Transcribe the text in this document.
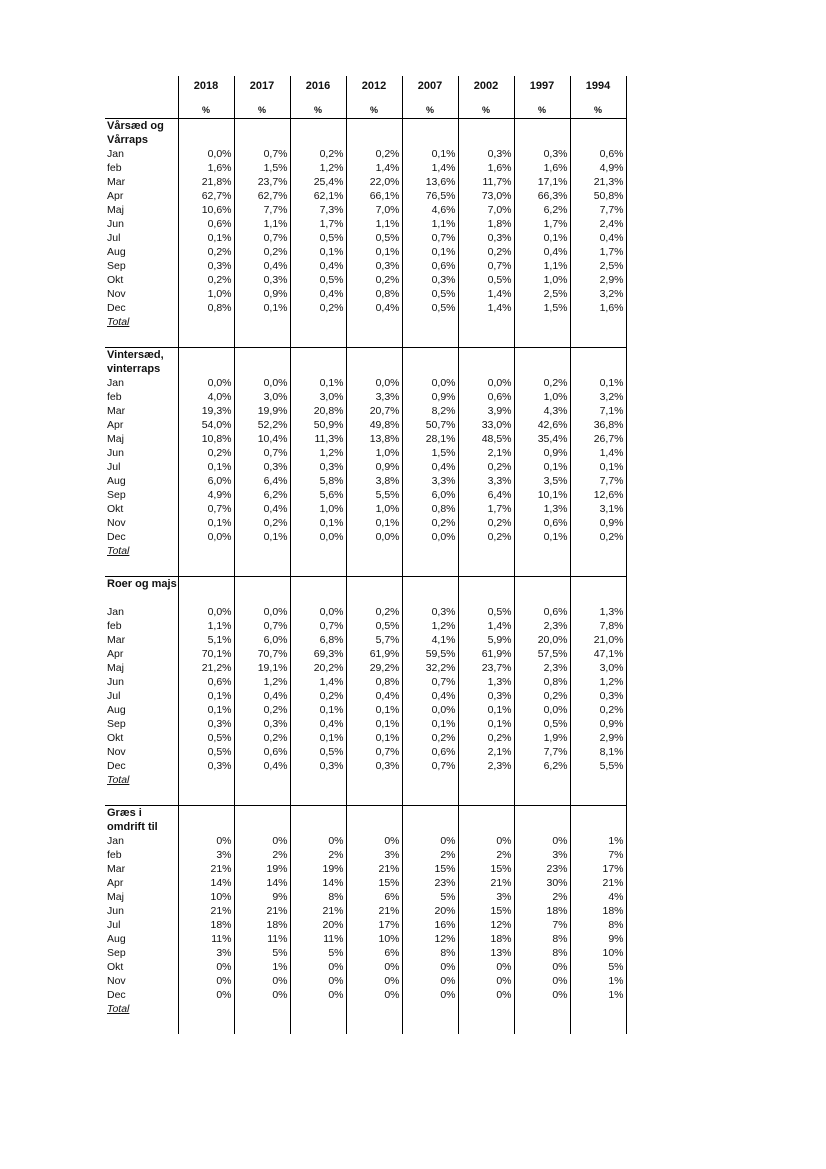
	2018	2017	2016	2012	2007	2002	1997	1994
	%	%	%	%	%	%	%	%
Vårsæd og								
Vårraps								
Jan	0,0%	0,7%	0,2%	0,2%	0,1%	0,3%	0,3%	0,6%
feb	1,6%	1,5%	1,2%	1,4%	1,4%	1,6%	1,6%	4,9%
Mar	21,8%	23,7%	25,4%	22,0%	13,6%	11,7%	17,1%	21,3%
Apr	62,7%	62,7%	62,1%	66,1%	76,5%	73,0%	66,3%	50,8%
Maj	10,6%	7,7%	7,3%	7,0%	4,6%	7,0%	6,2%	7,7%
Jun	0,6%	1,1%	1,7%	1,1%	1,1%	1,8%	1,7%	2,4%
Jul	0,1%	0,7%	0,5%	0,5%	0,7%	0,3%	0,1%	0,4%
Aug	0,2%	0,2%	0,1%	0,1%	0,1%	0,2%	0,4%	1,7%
Sep	0,3%	0,4%	0,4%	0,3%	0,6%	0,7%	1,1%	2,5%
Okt	0,2%	0,3%	0,5%	0,2%	0,3%	0,5%	1,0%	2,9%
Nov	1,0%	0,9%	0,4%	0,8%	0,5%	1,4%	2,5%	3,2%
Dec	0,8%	0,1%	0,2%	0,4%	0,5%	1,4%	1,5%	1,6%
Total								

Vintersæd,								
vinterraps								
Jan	0,0%	0,0%	0,1%	0,0%	0,0%	0,0%	0,2%	0,1%
feb	4,0%	3,0%	3,0%	3,3%	0,9%	0,6%	1,0%	3,2%
Mar	19,3%	19,9%	20,8%	20,7%	8,2%	3,9%	4,3%	7,1%
Apr	54,0%	52,2%	50,9%	49,8%	50,7%	33,0%	42,6%	36,8%
Maj	10,8%	10,4%	11,3%	13,8%	28,1%	48,5%	35,4%	26,7%
Jun	0,2%	0,7%	1,2%	1,0%	1,5%	2,1%	0,9%	1,4%
Jul	0,1%	0,3%	0,3%	0,9%	0,4%	0,2%	0,1%	0,1%
Aug	6,0%	6,4%	5,8%	3,8%	3,3%	3,3%	3,5%	7,7%
Sep	4,9%	6,2%	5,6%	5,5%	6,0%	6,4%	10,1%	12,6%
Okt	0,7%	0,4%	1,0%	1,0%	0,8%	1,7%	1,3%	3,1%
Nov	0,1%	0,2%	0,1%	0,1%	0,2%	0,2%	0,6%	0,9%
Dec	0,0%	0,1%	0,0%	0,0%	0,0%	0,2%	0,1%	0,2%
Total								

Roer og majs								

Jan	0,0%	0,0%	0,0%	0,2%	0,3%	0,5%	0,6%	1,3%
feb	1,1%	0,7%	0,7%	0,5%	1,2%	1,4%	2,3%	7,8%
Mar	5,1%	6,0%	6,8%	5,7%	4,1%	5,9%	20,0%	21,0%
Apr	70,1%	70,7%	69,3%	61,9%	59,5%	61,9%	57,5%	47,1%
Maj	21,2%	19,1%	20,2%	29,2%	32,2%	23,7%	2,3%	3,0%
Jun	0,6%	1,2%	1,4%	0,8%	0,7%	1,3%	0,8%	1,2%
Jul	0,1%	0,4%	0,2%	0,4%	0,4%	0,3%	0,2%	0,3%
Aug	0,1%	0,2%	0,1%	0,1%	0,0%	0,1%	0,0%	0,2%
Sep	0,3%	0,3%	0,4%	0,1%	0,1%	0,1%	0,5%	0,9%
Okt	0,5%	0,2%	0,1%	0,1%	0,2%	0,2%	1,9%	2,9%
Nov	0,5%	0,6%	0,5%	0,7%	0,6%	2,1%	7,7%	8,1%
Dec	0,3%	0,4%	0,3%	0,3%	0,7%	2,3%	6,2%	5,5%
Total								

Græs i								
omdrift til								
Jan	0%	0%	0%	0%	0%	0%	0%	1%
feb	3%	2%	2%	3%	2%	2%	3%	7%
Mar	21%	19%	19%	21%	15%	15%	23%	17%
Apr	14%	14%	14%	15%	23%	21%	30%	21%
Maj	10%	9%	8%	6%	5%	3%	2%	4%
Jun	21%	21%	21%	21%	20%	15%	18%	18%
Jul	18%	18%	20%	17%	16%	12%	7%	8%
Aug	11%	11%	11%	10%	12%	18%	8%	9%
Sep	3%	5%	5%	6%	8%	13%	8%	10%
Okt	0%	1%	0%	0%	0%	0%	0%	5%
Nov	0%	0%	0%	0%	0%	0%	0%	1%
Dec	0%	0%	0%	0%	0%	0%	0%	1%
Total								
